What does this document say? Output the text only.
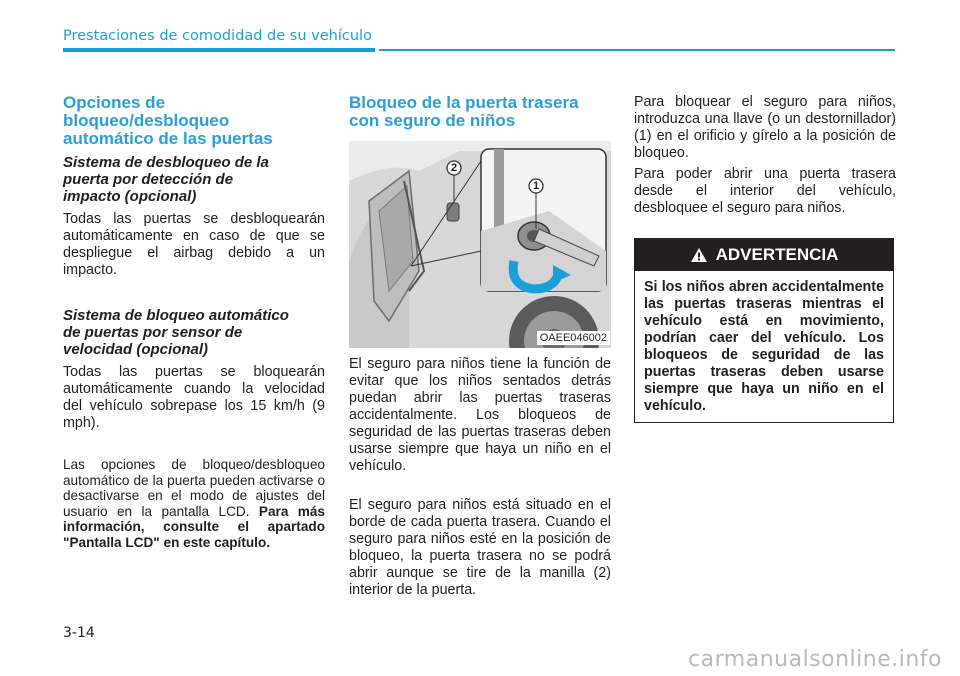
Prestaciones de comodidad de su vehículo
Opciones de
bloqueo/desbloqueo
automático de las puertas
Sistema de desbloqueo de la
puerta por detección de
impacto (opcional)

Todas las puertas se desbloquearán automáticamente en caso de que se despliegue el airbag debido a un impacto.

Sistema de bloqueo automático
de puertas por sensor de
velocidad (opcional)

Todas las puertas se bloquearán automáticamente cuando la velocidad del vehículo sobrepase los 15 km/h (9 mph).

Las opciones de bloqueo/desbloqueo automático de la puerta pueden activarse o desactivarse en el modo de ajustes del usuario en la pantalla LCD. Para más información, consulte el apartado "Pantalla LCD" en este capítulo.

Bloqueo de la puerta trasera
con seguro de niños

El seguro para niños tiene la función de evitar que los niños sentados detrás puedan abrir las puertas traseras accidentalmente. Los bloqueos de seguridad de las puertas traseras deben usarse siempre que haya un niño en el vehículo.

El seguro para niños está situado en el borde de cada puerta trasera. Cuando el seguro para niños esté en la posición de bloqueo, la puerta trasera no se podrá abrir aunque se tire de la manilla (2) interior de la puerta.

1
2
OAEE046002

Para bloquear el seguro para niños, introduzca una llave (o un destornillador) (1) en el orificio y gírelo a la posición de bloqueo.

Para poder abrir una puerta trasera desde el interior del vehículo, desbloquee el seguro para niños.

ADVERTENCIA
Si los niños abren accidentalmente las puertas traseras mientras el vehículo está en movimiento, podrían caer del vehículo. Los bloqueos de seguridad de las puertas traseras deben usarse siempre que haya un niño en el vehículo.
3-14
carmanualsonline.info
